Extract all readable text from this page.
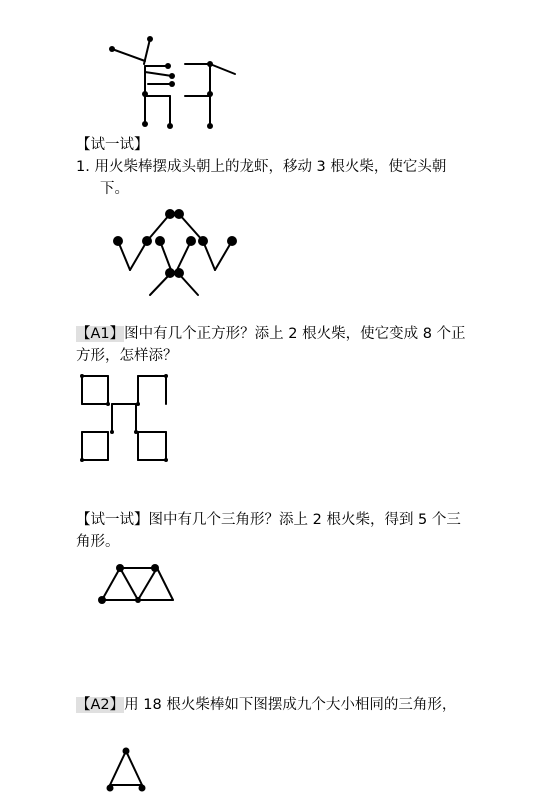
【试一试】
1. 用火柴棒摆成头朝上的龙虾，移动 3 根火柴，使它头朝
下。
【A1】图中有几个正方形？添上 2 根火柴，使它变成 8 个正
方形，怎样添？
【试一试】图中有几个三角形？添上 2 根火柴，得到 5 个三
角形。
【A2】用 18 根火柴棒如下图摆成九个大小相同的三角形，
